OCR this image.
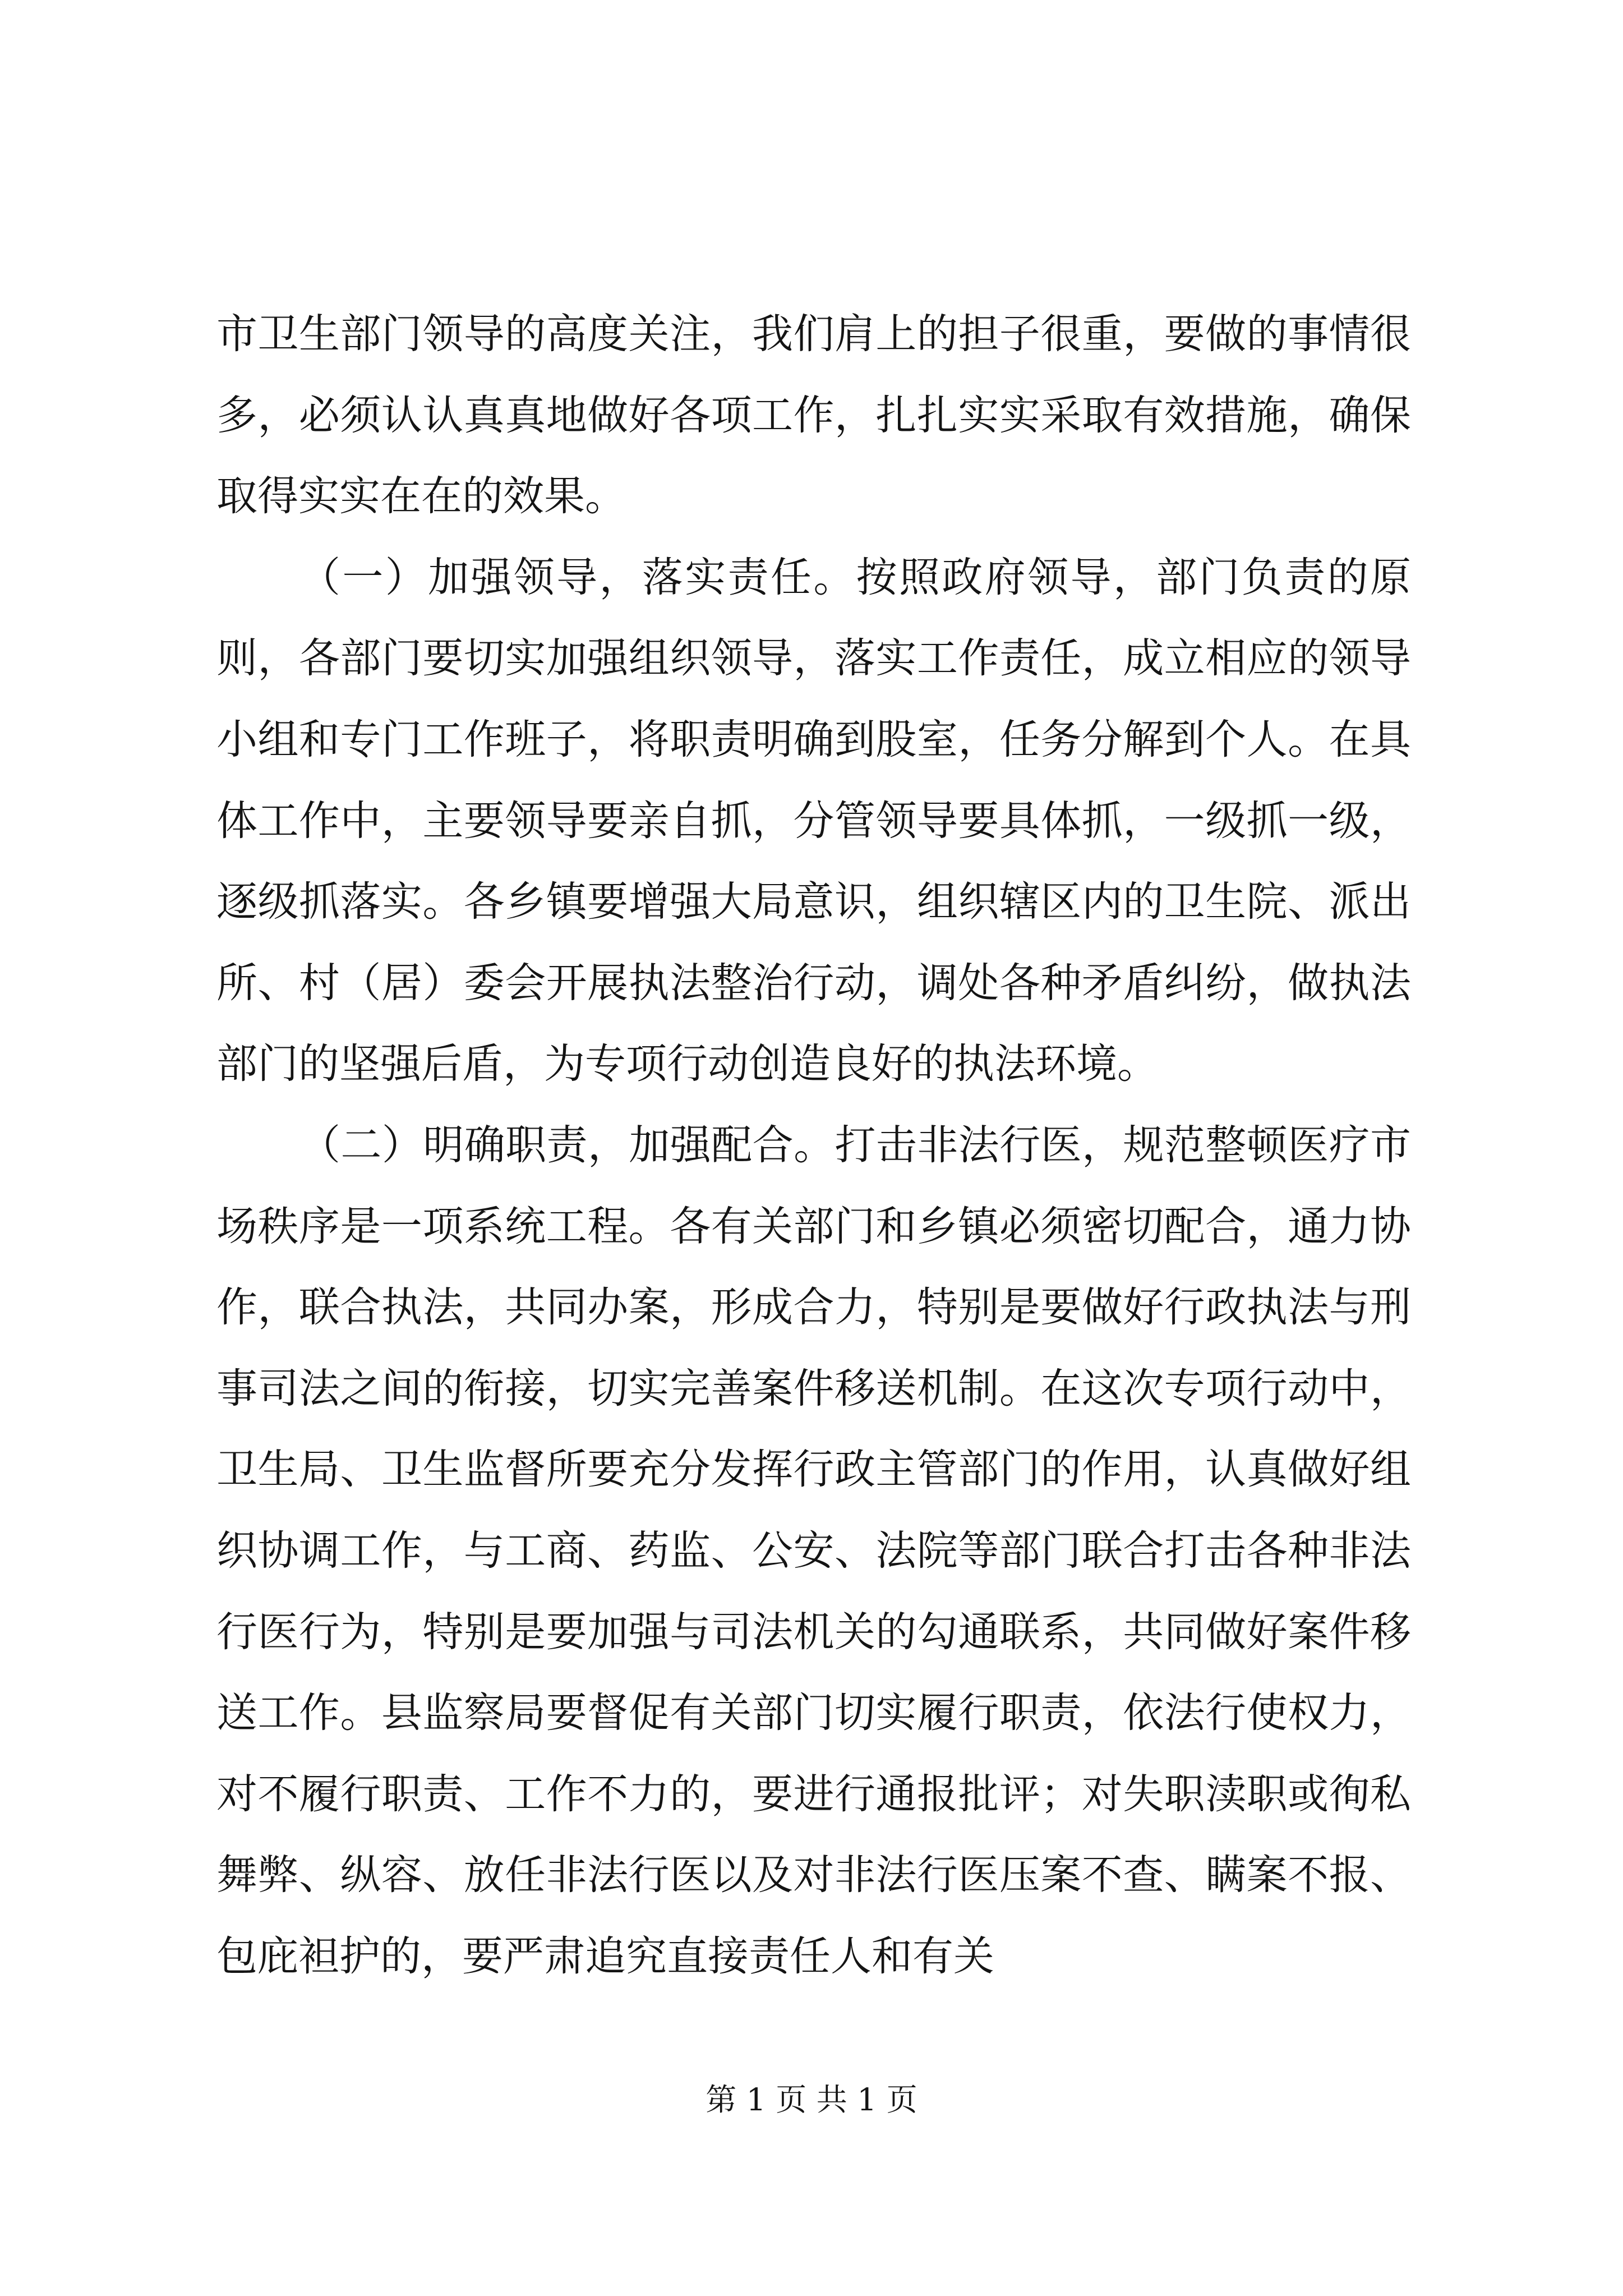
市卫生部门领导的高度关注，我们肩上的担子很重，要做的事情很多，必须认认真真地做好各项工作，扎扎实实采取有效措施，确保取得实实在在的效果。

（一）加强领导，落实责任。按照政府领导，部门负责的原则，各部门要切实加强组织领导，落实工作责任，成立相应的领导小组和专门工作班子，将职责明确到股室，任务分解到个人。在具体工作中，主要领导要亲自抓，分管领导要具体抓，一级抓一级，逐级抓落实。各乡镇要增强大局意识，组织辖区内的卫生院、派出所、村（居）委会开展执法整治行动，调处各种矛盾纠纷，做执法部门的坚强后盾，为专项行动创造良好的执法环境。

（二）明确职责，加强配合。打击非法行医，规范整顿医疗市场秩序是一项系统工程。各有关部门和乡镇必须密切配合，通力协作，联合执法，共同办案，形成合力，特别是要做好行政执法与刑事司法之间的衔接，切实完善案件移送机制。在这次专项行动中，卫生局、卫生监督所要充分发挥行政主管部门的作用，认真做好组织协调工作，与工商、药监、公安、法院等部门联合打击各种非法行医行为，特别是要加强与司法机关的勾通联系，共同做好案件移送工作。县监察局要督促有关部门切实履行职责，依法行使权力，对不履行职责、工作不力的，要进行通报批评；对失职渎职或徇私舞弊、纵容、放任非法行医以及对非法行医压案不查、瞒案不报、包庇袒护的，要严肃追究直接责任人和有关

第 1 页 共 1 页
